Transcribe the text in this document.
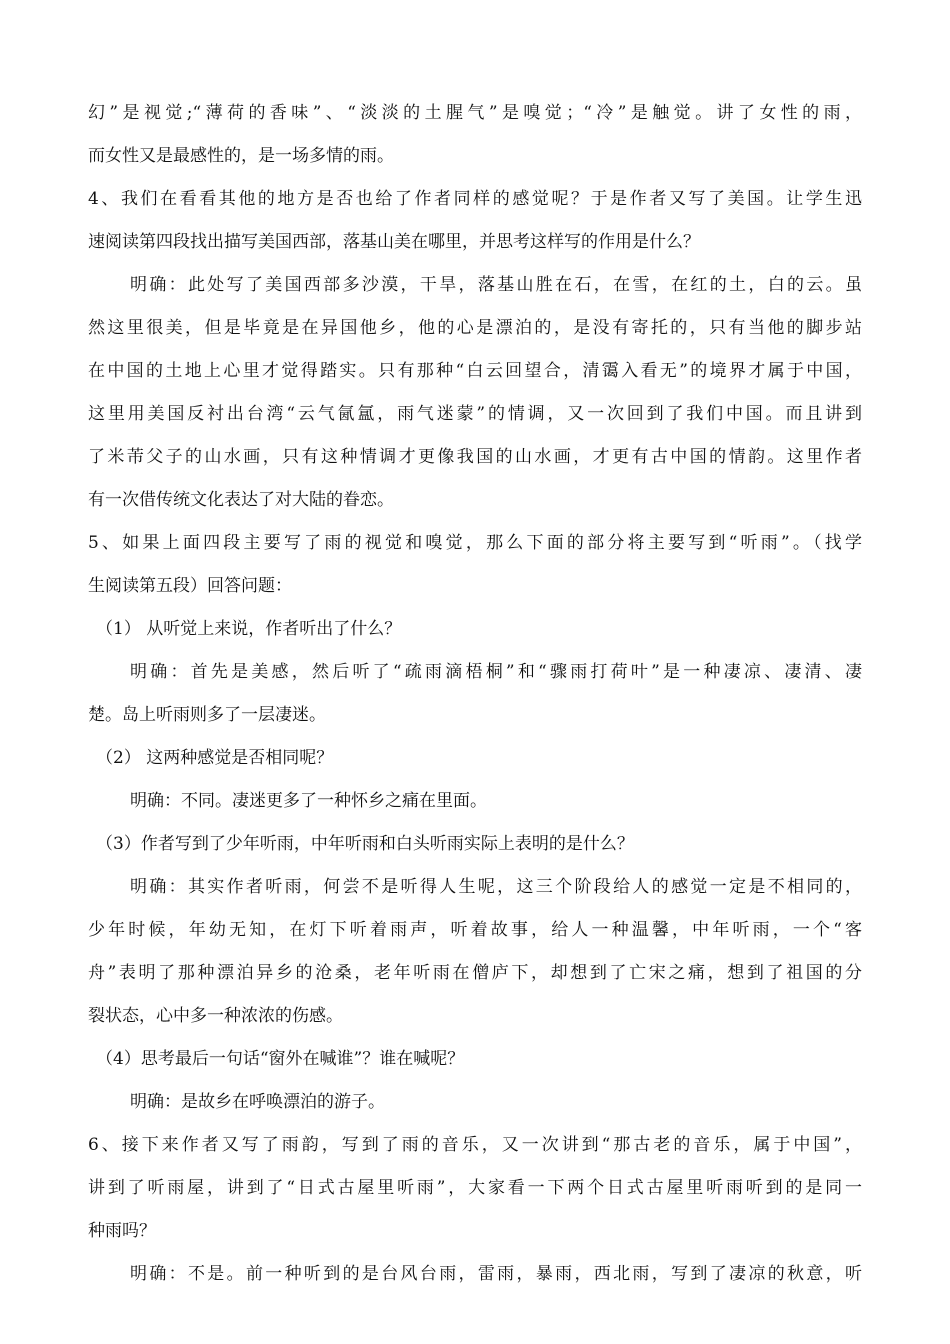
幻”是视觉;“薄荷的香味”、“淡淡的土腥气”是嗅觉；“冷”是触觉。讲了女性的雨，
而女性又是最感性的，是一场多情的雨。
4、我们在看看其他的地方是否也给了作者同样的感觉呢？于是作者又写了美国。让学生迅
速阅读第四段找出描写美国西部，落基山美在哪里，并思考这样写的作用是什么？
明确：此处写了美国西部多沙漠，干旱，落基山胜在石，在雪，在红的土，白的云。虽
然这里很美，但是毕竟是在异国他乡，他的心是漂泊的，是没有寄托的，只有当他的脚步站
在中国的土地上心里才觉得踏实。只有那种“白云回望合，清霭入看无”的境界才属于中国，
这里用美国反衬出台湾“云气氤氲，雨气迷蒙”的情调，又一次回到了我们中国。而且讲到
了米芾父子的山水画，只有这种情调才更像我国的山水画，才更有古中国的情韵。这里作者
有一次借传统文化表达了对大陆的眷恋。
5、如果上面四段主要写了雨的视觉和嗅觉，那么下面的部分将主要写到“听雨”。（找学
生阅读第五段）回答问题：
（1） 从听觉上来说，作者听出了什么？
明确：首先是美感，然后听了“疏雨滴梧桐”和“骤雨打荷叶”是一种凄凉、凄清、凄
楚。岛上听雨则多了一层凄迷。
（2） 这两种感觉是否相同呢？
明确：不同。凄迷更多了一种怀乡之痛在里面。
（3）作者写到了少年听雨，中年听雨和白头听雨实际上表明的是什么？
明确：其实作者听雨，何尝不是听得人生呢，这三个阶段给人的感觉一定是不相同的，
少年时候，年幼无知，在灯下听着雨声，听着故事，给人一种温馨，中年听雨，一个“客
舟”表明了那种漂泊异乡的沧桑，老年听雨在僧庐下，却想到了亡宋之痛，想到了祖国的分
裂状态，心中多一种浓浓的伤感。
（4）思考最后一句话“窗外在喊谁”？谁在喊呢？
明确：是故乡在呼唤漂泊的游子。
6、接下来作者又写了雨韵，写到了雨的音乐，又一次讲到“那古老的音乐，属于中国”，
讲到了听雨屋，讲到了“日式古屋里听雨”，大家看一下两个日式古屋里听雨听到的是同一
种雨吗？
明确：不是。前一种听到的是台风台雨，雷雨，暴雨，西北雨，写到了凄凉的秋意，听
